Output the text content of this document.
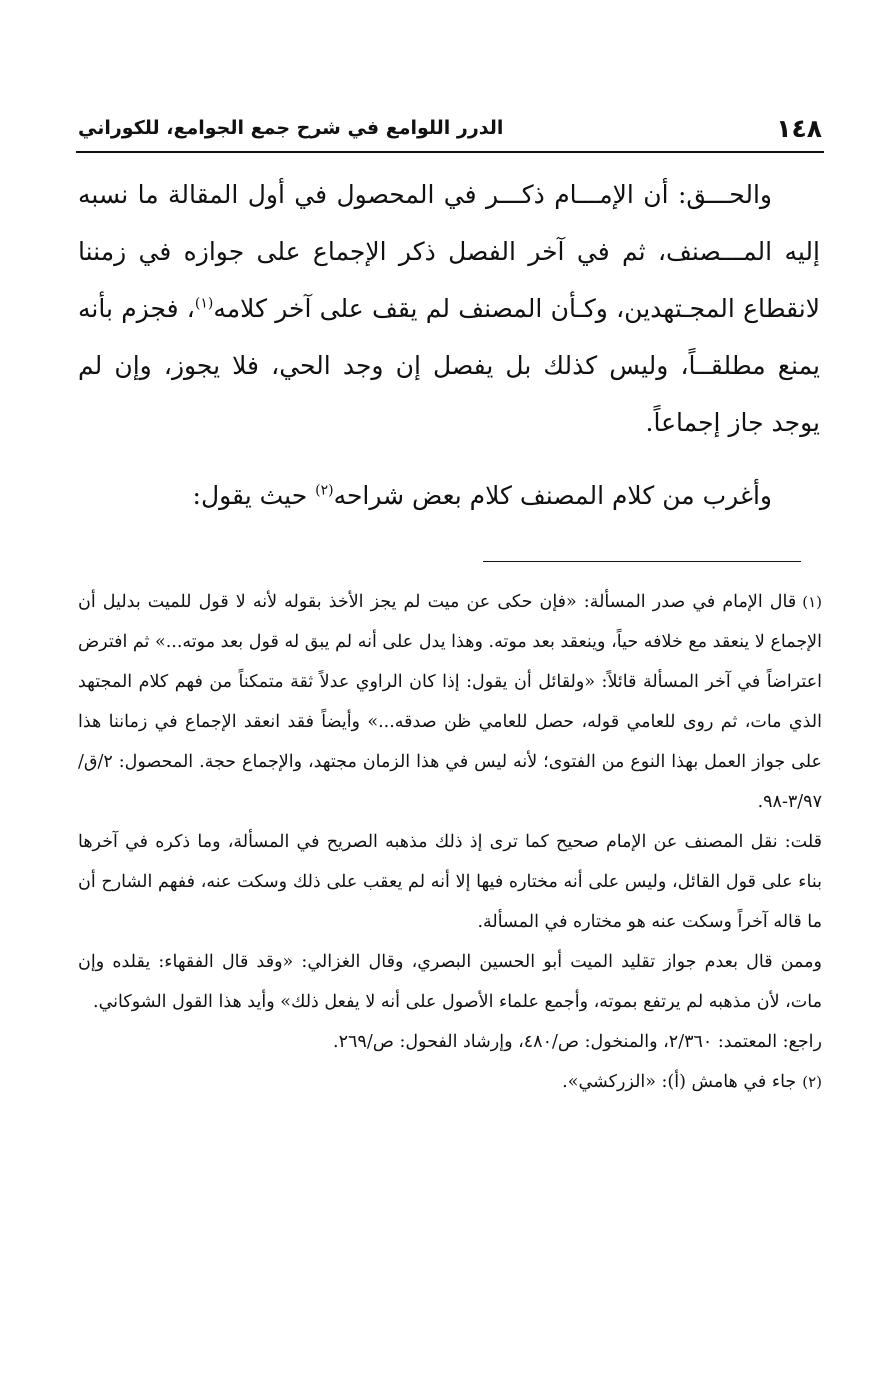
١٤٨
الدرر اللوامع في شرح جمع الجوامع، للكوراني

والحـــق: أن الإمـــام ذكـــر في المحصول في أول المقالة ما نسبه إليه المـــصنف، ثم في آخر الفصل ذكر الإجماع على جوازه في زمننا لانقطاع المجـتهدين، وكـأن المصنف لم يقف على آخر كلامه$^{(١)}$، فجزم بأنه يمنع مطلقــاً، وليس كذلك بل يفصل إن وجد الحي، فلا يجوز، وإن لم يوجد جاز إجماعاً.

وأغرب من كلام المصنف كلام بعض شراحه$^{(٢)}$ حيث يقول:

(١)قال الإمام في صدر المسألة: «فإن حكى عن ميت لم يجز الأخذ بقوله لأنه لا قول للميت بدليل أن الإجماع لا ينعقد مع خلافه حياً، وينعقد بعد موته. وهذا يدل على أنه لم يبق له قول بعد موته...» ثم افترض اعتراضاً في آخر المسألة قائلاً: «ولقائل أن يقول: إذا كان الراوي عدلاً ثقة متمكناً من فهم كلام المجتهد الذي مات، ثم روى للعامي قوله، حصل للعامي ظن صدقه...» وأيضاً فقد انعقد الإجماع في زماننا هذا على جواز العمل بهذا النوع من الفتوى؛ لأنه ليس في هذا الزمان مجتهد، والإجماع حجة. المحصول: ٢/ق/٣/٩٧-٩٨.

قلت: نقل المصنف عن الإمام صحيح كما ترى إذ ذلك مذهبه الصريح في المسألة، وما ذكره في آخرها بناء على قول القائل، وليس على أنه مختاره فيها إلا أنه لم يعقب على ذلك وسكت عنه، ففهم الشارح أن ما قاله آخراً وسكت عنه هو مختاره في المسألة.

وممن قال بعدم جواز تقليد الميت أبو الحسين البصري، وقال الغزالي: «وقد قال الفقهاء: يقلده وإن مات، لأن مذهبه لم يرتفع بموته، وأجمع علماء الأصول على أنه لا يفعل ذلك» وأيد هذا القول الشوكاني.

راجع: المعتمد: ٢/٣٦٠، والمنخول: ص/٤٨٠، وإرشاد الفحول: ص/٢٦٩.

(٢)جاء في هامش (أ): «الزركشي».
